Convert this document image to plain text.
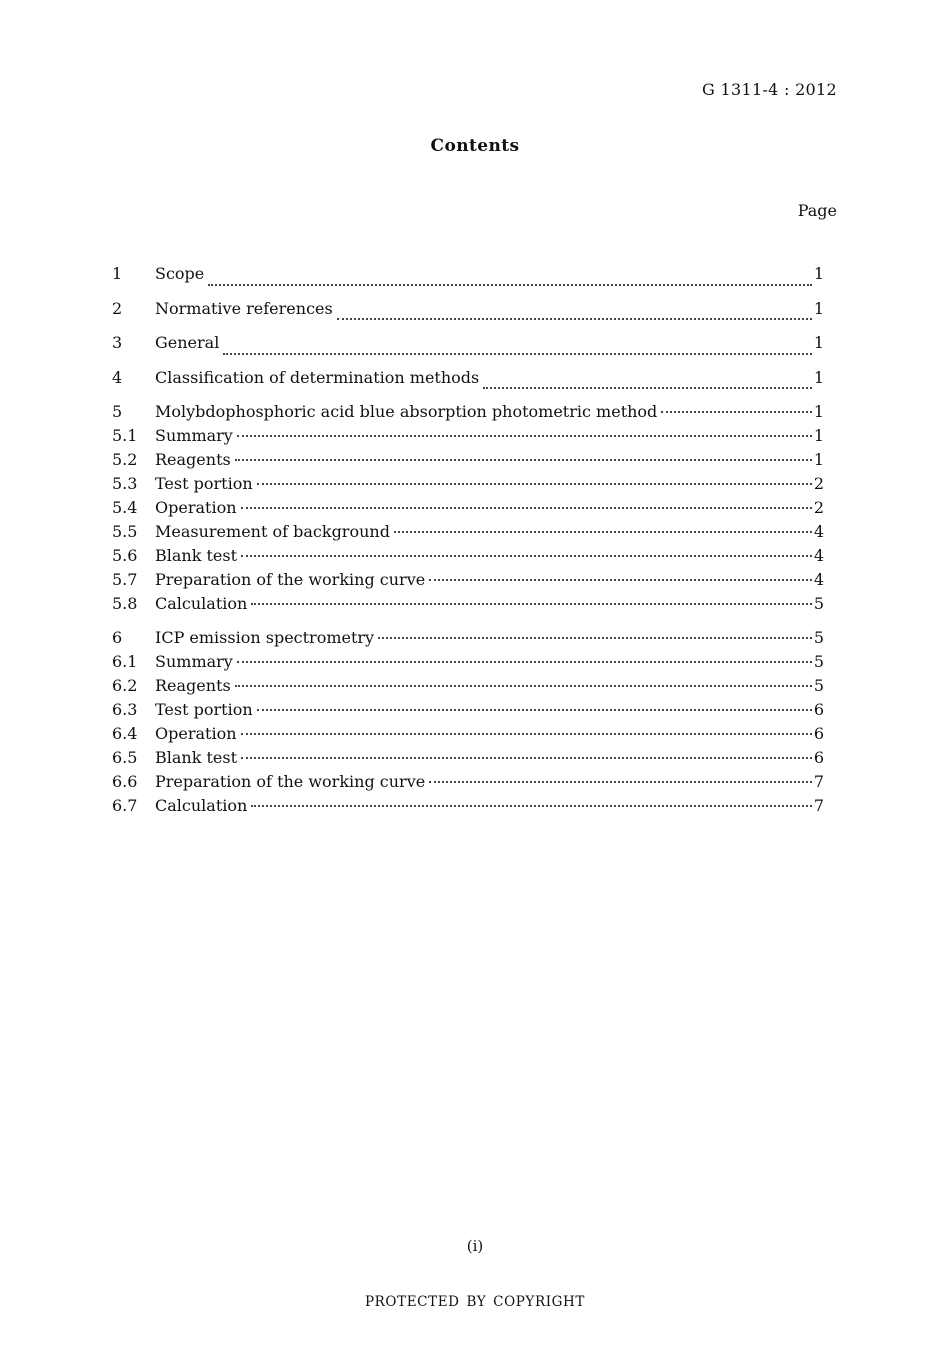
G 1311-4 : 2012
Contents
Page
1	Scope	1
2	Normative references	1
3	General	1
4	Classification of determination methods	1
5	Molybdophosphoric acid blue absorption photometric method	1
5.1	Summary	1
5.2	Reagents	1
5.3	Test portion	2
5.4	Operation	2
5.5	Measurement of background	4
5.6	Blank test	4
5.7	Preparation of the working curve	4
5.8	Calculation	5
6	ICP emission spectrometry	5
6.1	Summary	5
6.2	Reagents	5
6.3	Test portion	6
6.4	Operation	6
6.5	Blank test	6
6.6	Preparation of the working curve	7
6.7	Calculation	7
(i)
PROTECTED BY COPYRIGHT
